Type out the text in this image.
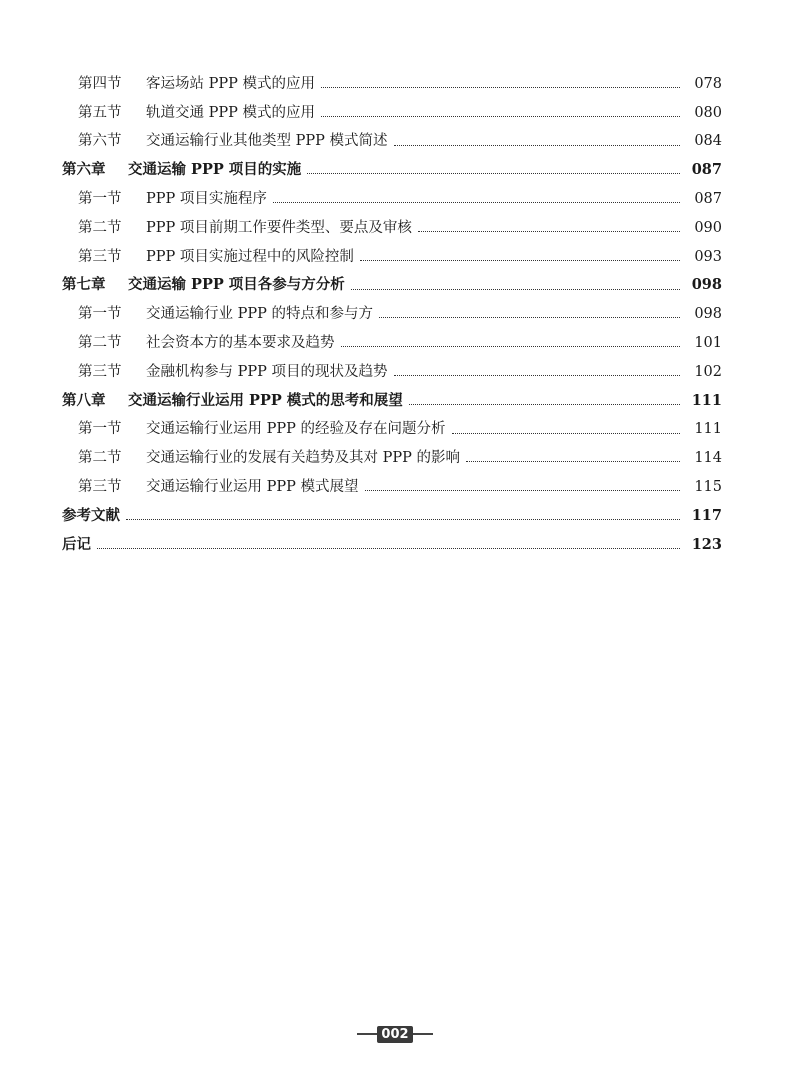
第四节	客运场站 PPP 模式的应用	078
第五节	轨道交通 PPP 模式的应用	080
第六节	交通运输行业其他类型 PPP 模式简述	084
第六章	交通运输 PPP 项目的实施	087
第一节	PPP 项目实施程序	087
第二节	PPP 项目前期工作要件类型、要点及审核	090
第三节	PPP 项目实施过程中的风险控制	093
第七章	交通运输 PPP 项目各参与方分析	098
第一节	交通运输行业 PPP 的特点和参与方	098
第二节	社会资本方的基本要求及趋势	101
第三节	金融机构参与 PPP 项目的现状及趋势	102
第八章	交通运输行业运用 PPP 模式的思考和展望	111
第一节	交通运输行业运用 PPP 的经验及存在问题分析	111
第二节	交通运输行业的发展有关趋势及其对 PPP 的影响	114
第三节	交通运输行业运用 PPP 模式展望	115
参考文献	117
后记	123
002
